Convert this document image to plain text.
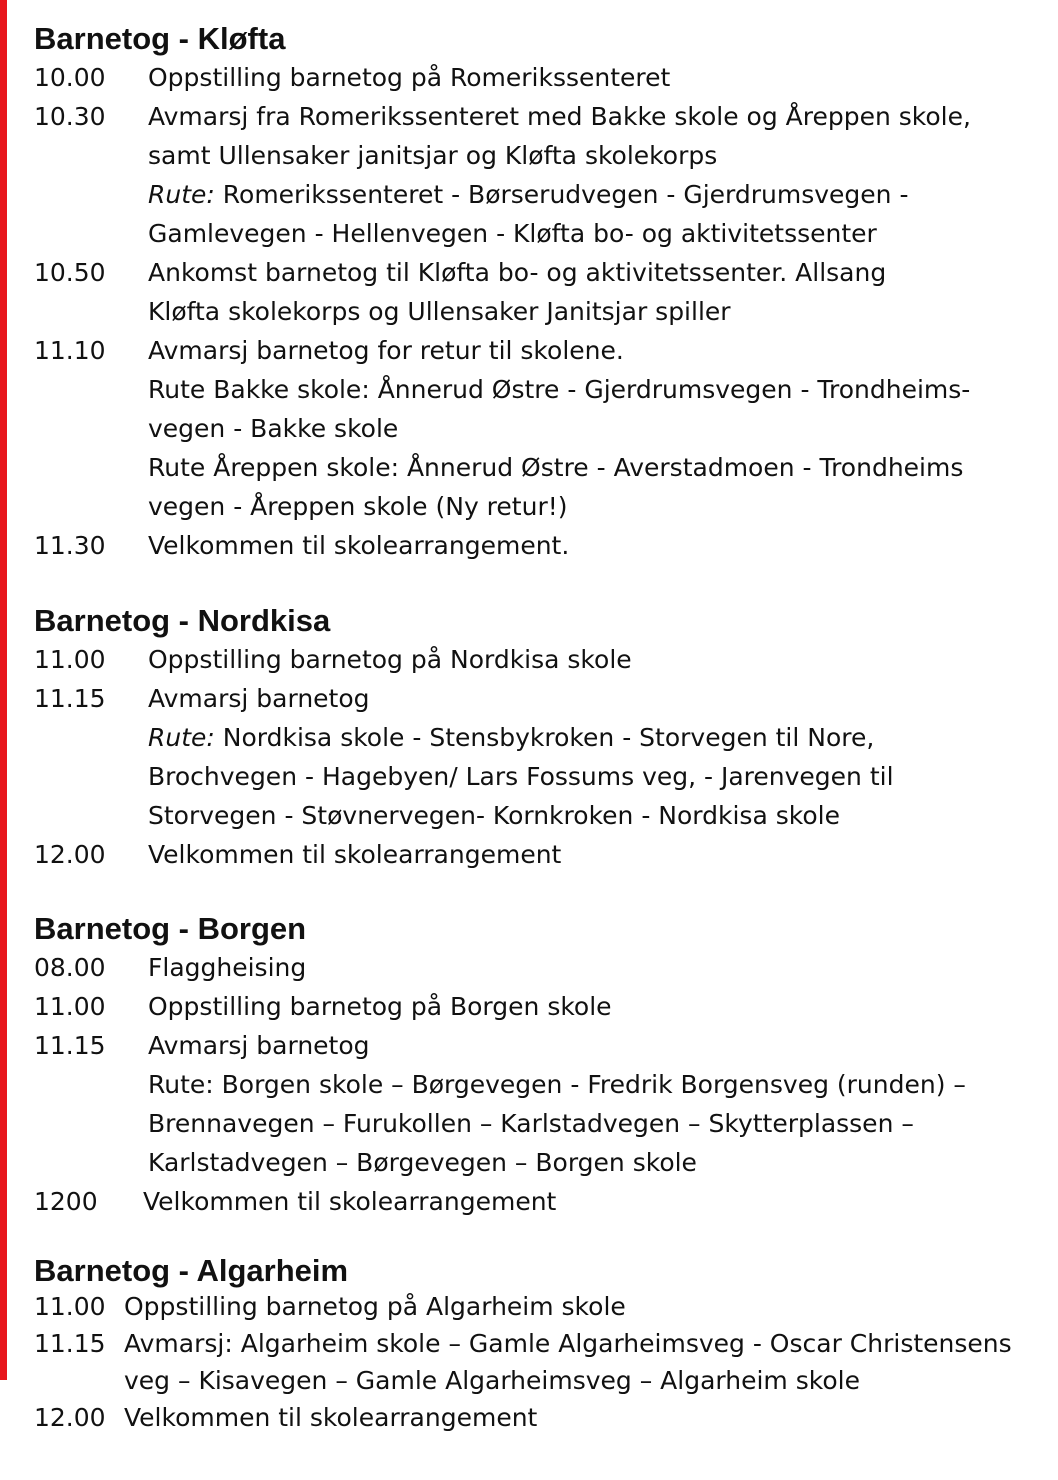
Barnetog - Kløfta
10.00	Oppstilling barnetog på Romerikssenteret
10.30	Avmarsj fra Romerikssenteret med Bakke skole og Åreppen skole,
samt Ullensaker janitsjar og Kløfta skolekorps
Rute: Romerikssenteret - Børserudvegen - Gjerdrumsvegen -
Gamlevegen - Hellenvegen - Kløfta bo- og aktivitetssenter
10.50	Ankomst barnetog til Kløfta bo- og aktivitetssenter. Allsang
Kløfta skolekorps og Ullensaker Janitsjar spiller
11.10	Avmarsj barnetog for retur til skolene.
Rute Bakke skole: Ånnerud Østre - Gjerdrumsvegen - Trondheims-
vegen - Bakke skole
Rute Åreppen skole: Ånnerud Østre - Averstadmoen - Trondheims
vegen - Åreppen skole (Ny retur!)
11.30	Velkommen til skolearrangement.
Barnetog - Nordkisa
11.00	Oppstilling barnetog på Nordkisa skole
11.15	Avmarsj barnetog
Rute: Nordkisa skole - Stensbykroken - Storvegen til Nore,
Brochvegen - Hagebyen/ Lars Fossums veg, - Jarenvegen til
Storvegen - Støvnervegen- Kornkroken - Nordkisa skole
12.00	Velkommen til skolearrangement
Barnetog - Borgen
08.00	Flaggheising
11.00	Oppstilling barnetog på Borgen skole
11.15	Avmarsj barnetog
Rute: Borgen skole – Børgevegen - Fredrik Borgensveg (runden) –
Brennavegen – Furukollen – Karlstadvegen – Skytterplassen –
Karlstadvegen – Børgevegen – Borgen skole
1200	Velkommen til skolearrangement
Barnetog - Algarheim
11.00 Oppstilling barnetog på Algarheim skole
11.15 Avmarsj: Algarheim skole – Gamle Algarheimsveg - Oscar Christensens
veg – Kisavegen – Gamle Algarheimsveg – Algarheim skole
12.00 Velkommen til skolearrangement
